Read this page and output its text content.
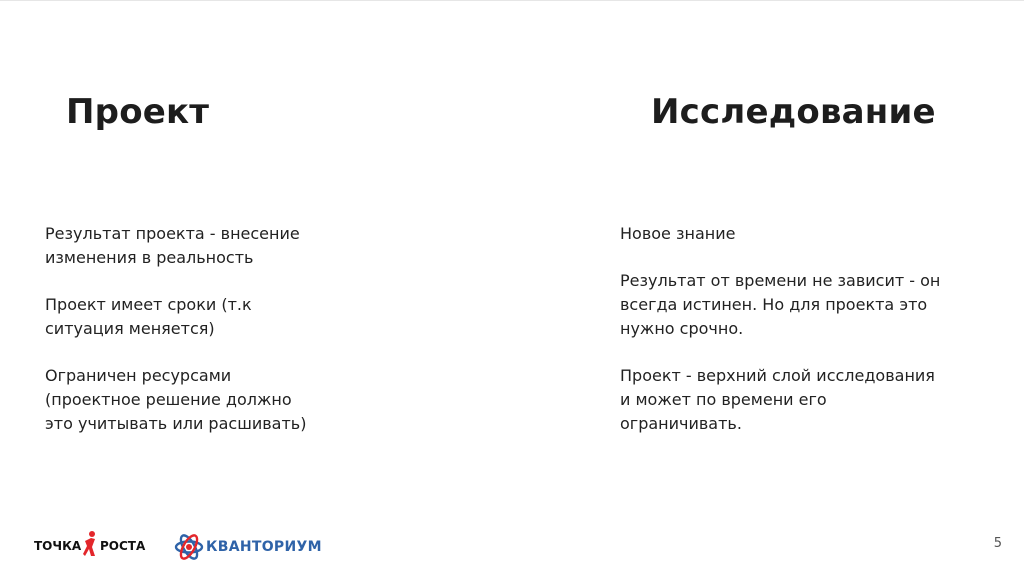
Проект	Исследование

Результат проекта - внесение
изменения в реальность

Проект имеет сроки (т.к
ситуация меняется)

Ограничен ресурсами
(проектное решение должно
это учитывать или расшивать)

Новое знание

Результат от времени не зависит - он
всегда истинен. Но для проекта это
нужно срочно.

Проект - верхний слой исследования
и может по времени его
ограничивать.

ТОЧКА РОСТА	КВАНТОРИУМ	5
